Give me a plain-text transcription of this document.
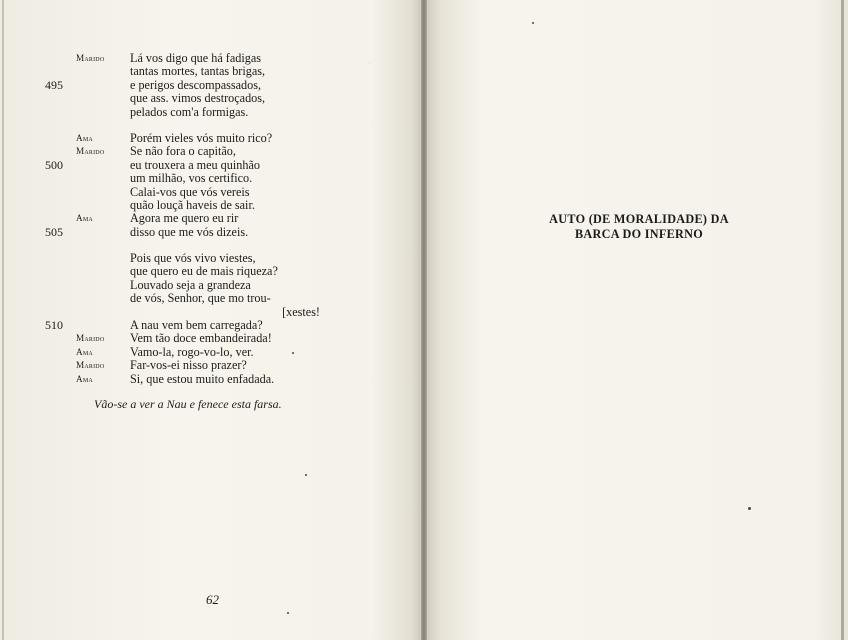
·
Marido Lá vos digo que há fadigas
tantas mortes, tantas brigas,
495	e perigos descompassados,
que ass. vimos destroçados,
pelados com'a formigas.
Ama	Porém vieles vós muito rico?
Marido Se não fora o capitão,
500	eu trouxera a meu quinhão
um milhão, vos certifico.
Calai-vos que vós vereis
quão louçã haveis de sair.
Ama	Agora me quero eu rir
505	disso que me vós dizeis.
Pois que vós vivo viestes,
que quero eu de mais riqueza?
Louvado seja a grandeza
de vós, Senhor, que mo trou-
[xestes!
510	A nau vem bem carregada?
Marido Vem tão doce embandeirada!
Ama	Vamo-la, rogo-vo-lo, ver.
Marido Far-vos-ei nisso prazer?
Ama	Si, que estou muito enfadada.
Vão-se a ver a Nau e fenece esta farsa.
62
AUTO (DE MORALIDADE) DA
BARCA DO INFERNO
